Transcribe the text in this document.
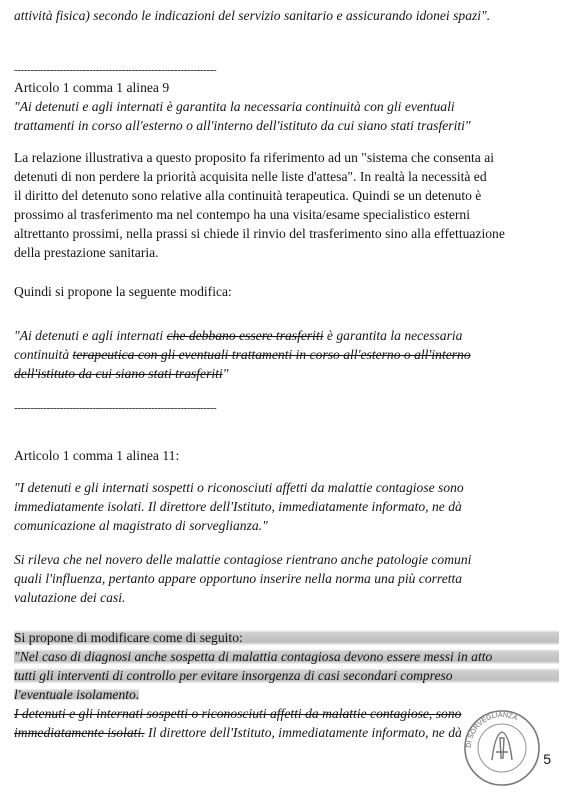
attività fisica) secondo le indicazioni del servizio sanitario e assicurando idonei spazi".
--------------------------------------------------------------
Articolo 1 comma 1 alinea 9
"Ai detenuti e agli internati è garantita la necessaria continuità con gli eventuali
trattamenti in corso all'esterno o all'interno dell'istituto da cui siano stati trasferiti"
La relazione illustrativa a questo proposito fa riferimento ad un "sistema che consenta ai
detenuti di non perdere la priorità acquisita nelle liste d'attesa". In realtà la necessità ed
il diritto del detenuto sono relative alla continuità terapeutica. Quindi se un detenuto è
prossimo al trasferimento ma nel contempo ha una visita/esame specialistico esterni
altrettanto prossimi, nella prassi si chiede il rinvio del trasferimento sino alla effettuazione
della prestazione sanitaria.
Quindi si propone la seguente modifica:
"Ai detenuti e agli internati che debbano essere trasferiti è garantita la necessaria
continuità terapeutica con gli eventuali trattamenti in corso all'esterno o all'interno
dell'istituto da cui siano stati trasferiti"
--------------------------------------------------------------
Articolo 1 comma 1 alinea 11:
"I detenuti e gli internati sospetti o riconosciuti affetti da malattie contagiose sono
immediatamente isolati. Il direttore dell'Istituto, immediatamente informato, ne dà
comunicazione al magistrato di sorveglianza."
Si rileva che nel novero delle malattie contagiose rientrano anche patologie comuni
quali l'influenza, pertanto appare opportuno inserire nella norma una più corretta
valutazione dei casi.
Si propone di modificare come di seguito:
"Nel caso di diagnosi anche sospetta di malattia contagiosa devono essere messi in atto
tutti gli interventi di controllo per evitare insorgenza di casi secondari compreso
l'eventuale isolamento.
I detenuti e gli internati sospetti o riconosciuti affetti da malattie contagiose, sono
immediatamente isolati. Il direttore dell'Istituto, immediatamente informato, ne dà
DI SORVEGLIANZA
5
